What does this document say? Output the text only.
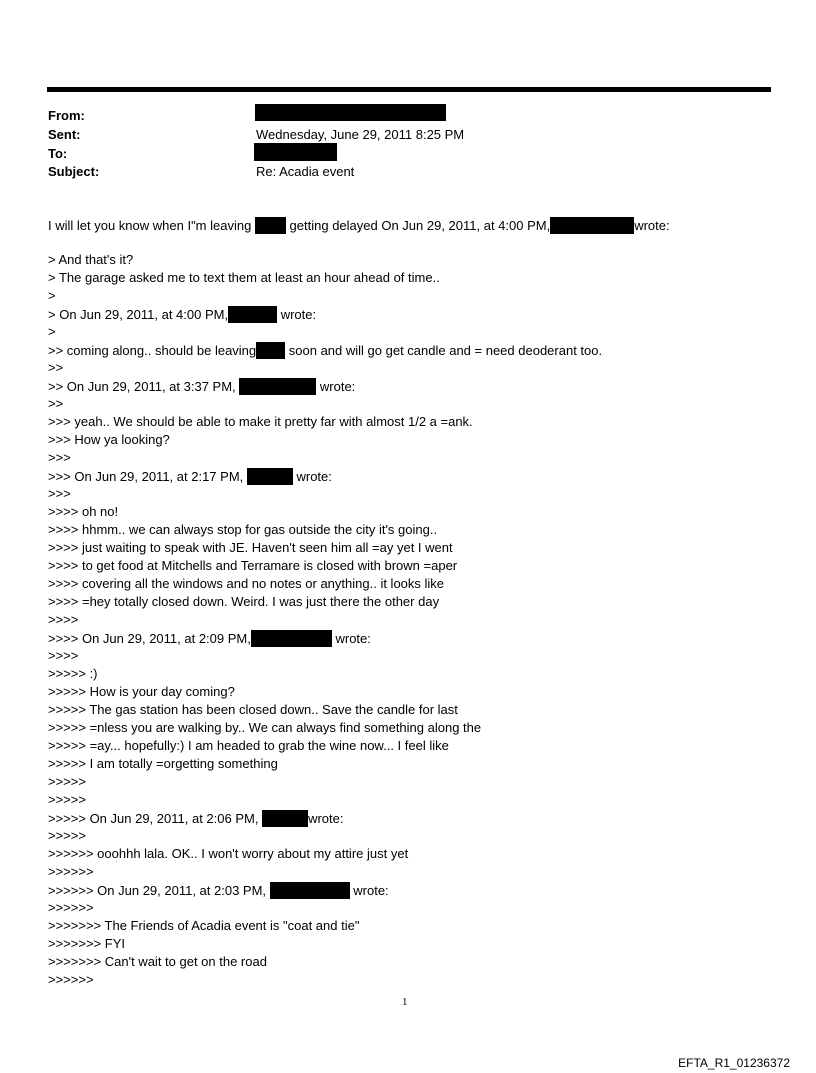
From:
Sent:	Wednesday, June 29, 2011 8:25 PM
To:
Subject:	Re: Acadia event
I will let you know when I"m leaving  getting delayed On Jun 29, 2011, at 4:00 PM,	wrote:
> And that's it?
> The garage asked me to text them at least an hour ahead of time..
>
> On Jun 29, 2011, at 4:00 PM,	wrote:
>
>> coming along.. should be leaving soon and will go get candle and = need deoderant too.
>>
>> On Jun 29, 2011, at 3:37 PM,	wrote:
>>
>>> yeah.. We should be able to make it pretty far with almost 1/2 a =ank.
>>> How ya looking?
>>>
>>> On Jun 29, 2011, at 2:17 PM,	wrote:
>>>
>>>> oh no!
>>>> hhmm.. we can always stop for gas outside the city it's going..
>>>> just waiting to speak with JE. Haven't seen him all =ay yet I went
>>>> to get food at Mitchells and Terramare is closed with brown =aper
>>>> covering all the windows and no notes or anything.. it looks like
>>>> =hey totally closed down. Weird. I was just there the other day
>>>>
>>>> On Jun 29, 2011, at 2:09 PM,	wrote:
>>>>
>>>>> :)
>>>>> How is your day coming?
>>>>> The gas station has been closed down.. Save the candle for last
>>>>> =nless you are walking by.. We can always find something along the
>>>>> =ay... hopefully:) I am headed to grab the wine now... I feel like
>>>>> I am totally =orgetting something
>>>>>
>>>>>
>>>>> On Jun 29, 2011, at 2:06 PM,	wrote:
>>>>>
>>>>>> ooohhh lala. OK.. I won't worry about my attire just yet
>>>>>>
>>>>>> On Jun 29, 2011, at 2:03 PM,	wrote:
>>>>>>
>>>>>>> The Friends of Acadia event is "coat and tie"
>>>>>>> FYI
>>>>>>> Can't wait to get on the road
>>>>>>
1
EFTA_R1_01236372
